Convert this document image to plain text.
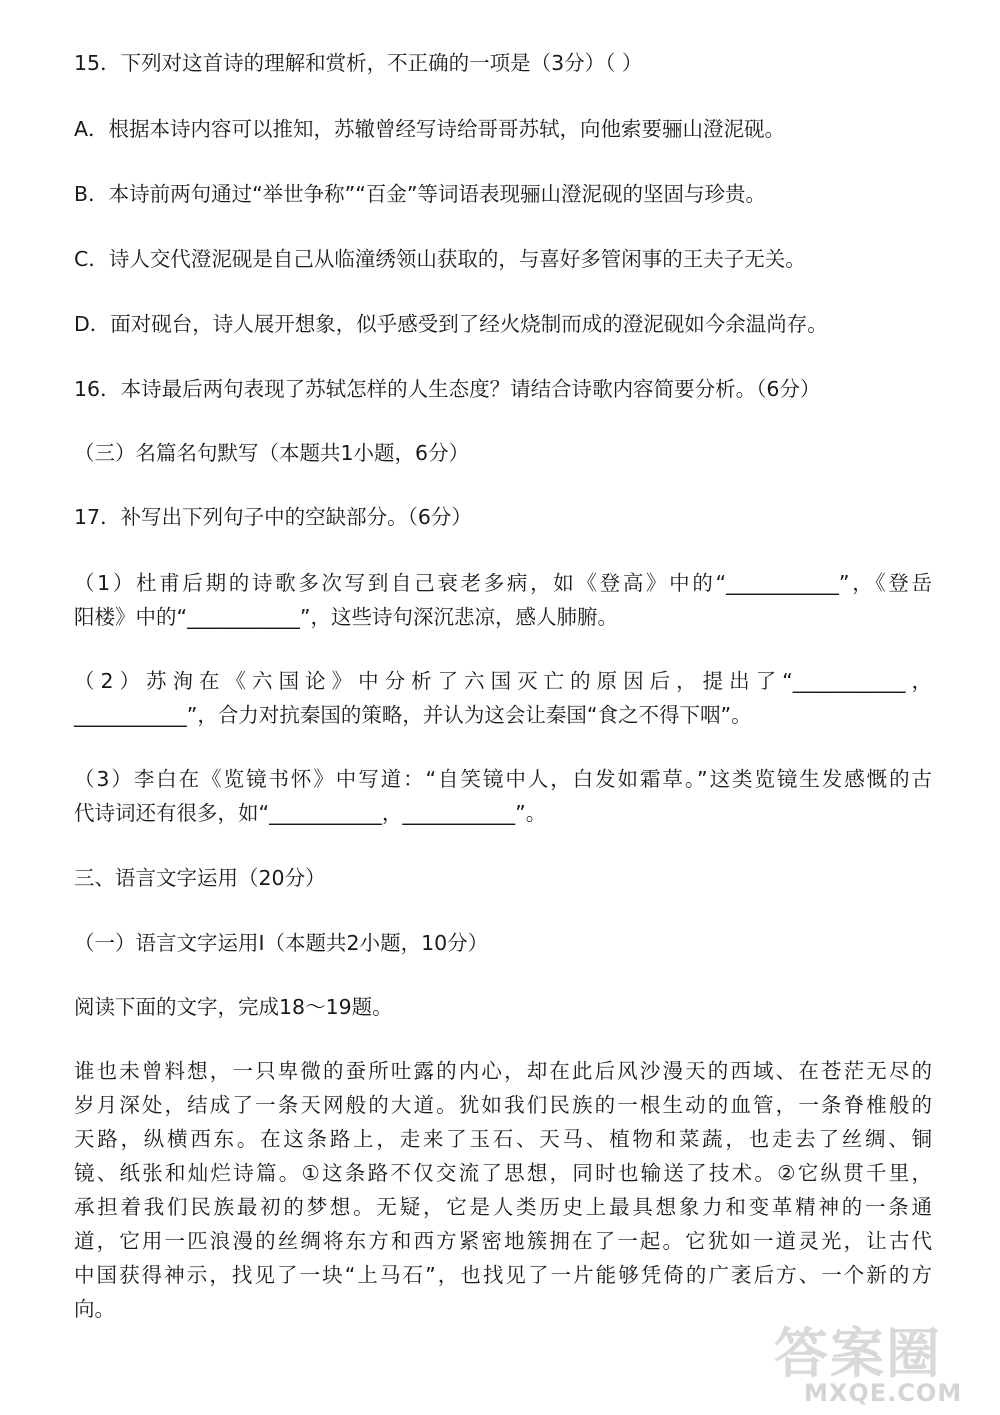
15．下列对这首诗的理解和赏析，不正确的一项是（3分）（ ）

A．根据本诗内容可以推知，苏辙曾经写诗给哥哥苏轼，向他索要骊山澄泥砚。

B．本诗前两句通过“举世争称”“百金”等词语表现骊山澄泥砚的坚固与珍贵。

C．诗人交代澄泥砚是自己从临潼绣领山获取的，与喜好多管闲事的王夫子无关。

D．面对砚台，诗人展开想象，似乎感受到了经火烧制而成的澄泥砚如今余温尚存。

16．本诗最后两句表现了苏轼怎样的人生态度？请结合诗歌内容简要分析。（6分）

（三）名篇名句默写（本题共1小题，6分）

17．补写出下列句子中的空缺部分。（6分）

（1）杜甫后期的诗歌多次写到自己衰老多病，如《登高》中的“___________”，《登岳
阳楼》中的“___________”，这些诗句深沉悲凉，感人肺腑。
（2）苏洵在《六国论》中分析了六国灭亡的原因后，提出了“___________，
___________”，合力对抗秦国的策略，并认为这会让秦国“食之不得下咽”。
（3）李白在《览镜书怀》中写道：“自笑镜中人，白发如霜草。”这类览镜生发感慨的古
代诗词还有很多，如“___________，___________”。

三、语言文字运用（20分）

（一）语言文字运用Ⅰ（本题共2小题，10分）

阅读下面的文字，完成18～19题。

谁也未曾料想，一只卑微的蚕所吐露的内心，却在此后风沙漫天的西域、在苍茫无尽的
岁月深处，结成了一条天网般的大道。犹如我们民族的一根生动的血管，一条脊椎般的
天路，纵横西东。在这条路上，走来了玉石、天马、植物和菜蔬，也走去了丝绸、铜
镜、纸张和灿烂诗篇。①这条路不仅交流了思想，同时也输送了技术。②它纵贯千里，
承担着我们民族最初的梦想。无疑，它是人类历史上最具想象力和变革精神的一条通
道，它用一匹浪漫的丝绸将东方和西方紧密地簇拥在了一起。它犹如一道灵光，让古代
中国获得神示，找见了一块“上马石”，也找见了一片能够凭倚的广袤后方、一个新的方
向。
答案圈
MXQE.COM
